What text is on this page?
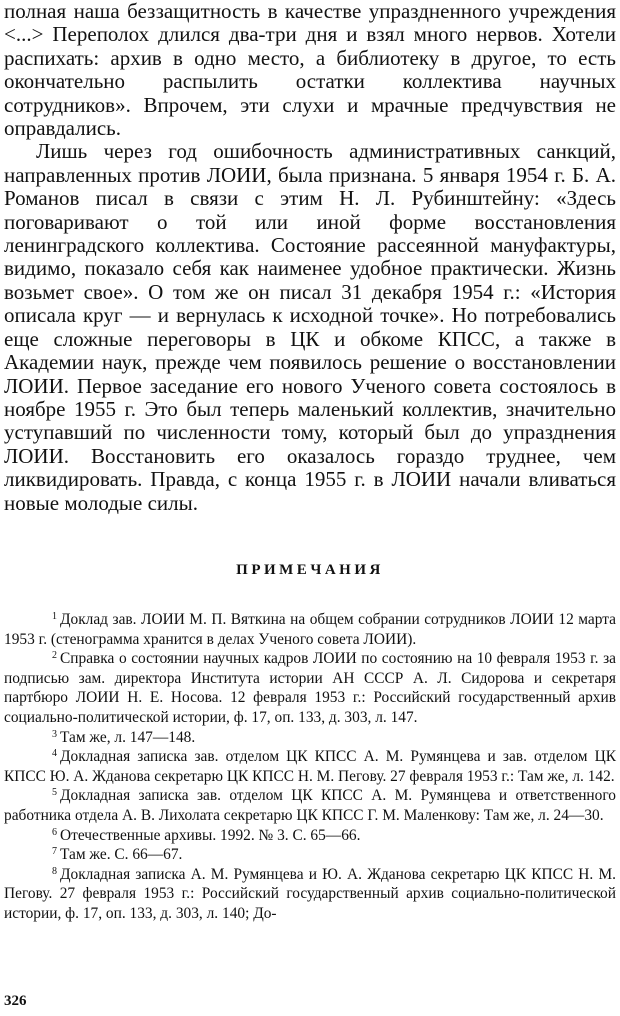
полная наша беззащитность в качестве упраздненного учреждения <...> Переполох длился два-три дня и взял много нервов. Хотели распихать: архив в одно место, а библиотеку в другое, то есть окончательно распылить остатки коллектива научных сотрудников». Впрочем, эти слухи и мрачные предчувствия не оправдались.

Лишь через год ошибочность административных санкций, направленных против ЛОИИ, была признана. 5 января 1954 г. Б. А. Романов писал в связи с этим Н. Л. Рубинштейну: «Здесь поговаривают о той или иной форме восстановления ленинградского коллектива. Состояние рассеянной мануфактуры, видимо, показало себя как наименее удобное практически. Жизнь возьмет свое». О том же он писал 31 декабря 1954 г.: «История описала круг — и вернулась к исходной точке». Но потребовались еще сложные переговоры в ЦК и обкоме КПСС, а также в Академии наук, прежде чем появилось решение о восстановлении ЛОИИ. Первое заседание его нового Ученого совета состоялось в ноябре 1955 г. Это был теперь маленький коллектив, значительно уступавший по численности тому, который был до упразднения ЛОИИ. Восстановить его оказалось гораздо труднее, чем ликвидировать. Правда, с конца 1955 г. в ЛОИИ начали вливаться новые молодые силы.

ПРИМЕЧАНИЯ

$^1$ Доклад зав. ЛОИИ М. П. Вяткина на общем собрании сотрудников ЛОИИ 12 марта 1953 г. (стенограмма хранится в делах Ученого совета ЛОИИ).

$^2$ Справка о состоянии научных кадров ЛОИИ по состоянию на 10 февраля 1953 г. за подписью зам. директора Института истории АН СССР А. Л. Сидорова и секретаря партбюро ЛОИИ Н. Е. Носова. 12 февраля 1953 г.: Российский государственный архив социально-политической истории, ф. 17, оп. 133, д. 303, л. 147.

$^3$ Там же, л. 147—148.

$^4$ Докладная записка зав. отделом ЦК КПСС А. М. Румянцева и зав. отделом ЦК КПСС Ю. А. Жданова секретарю ЦК КПСС Н. М. Пегову. 27 февраля 1953 г.: Там же, л. 142.

$^5$ Докладная записка зав. отделом ЦК КПСС А. М. Румянцева и ответственного работника отдела А. В. Лихолата секретарю ЦК КПСС Г. М. Маленкову: Там же, л. 24—30.

$^6$ Отечественные архивы. 1992. № 3. С. 65—66.

$^7$ Там же. С. 66—67.

$^8$ Докладная записка А. М. Румянцева и Ю. А. Жданова секретарю ЦК КПСС Н. М. Пегову. 27 февраля 1953 г.: Российский государственный архив социально-политической истории, ф. 17, оп. 133, д. 303, л. 140; До-

326
